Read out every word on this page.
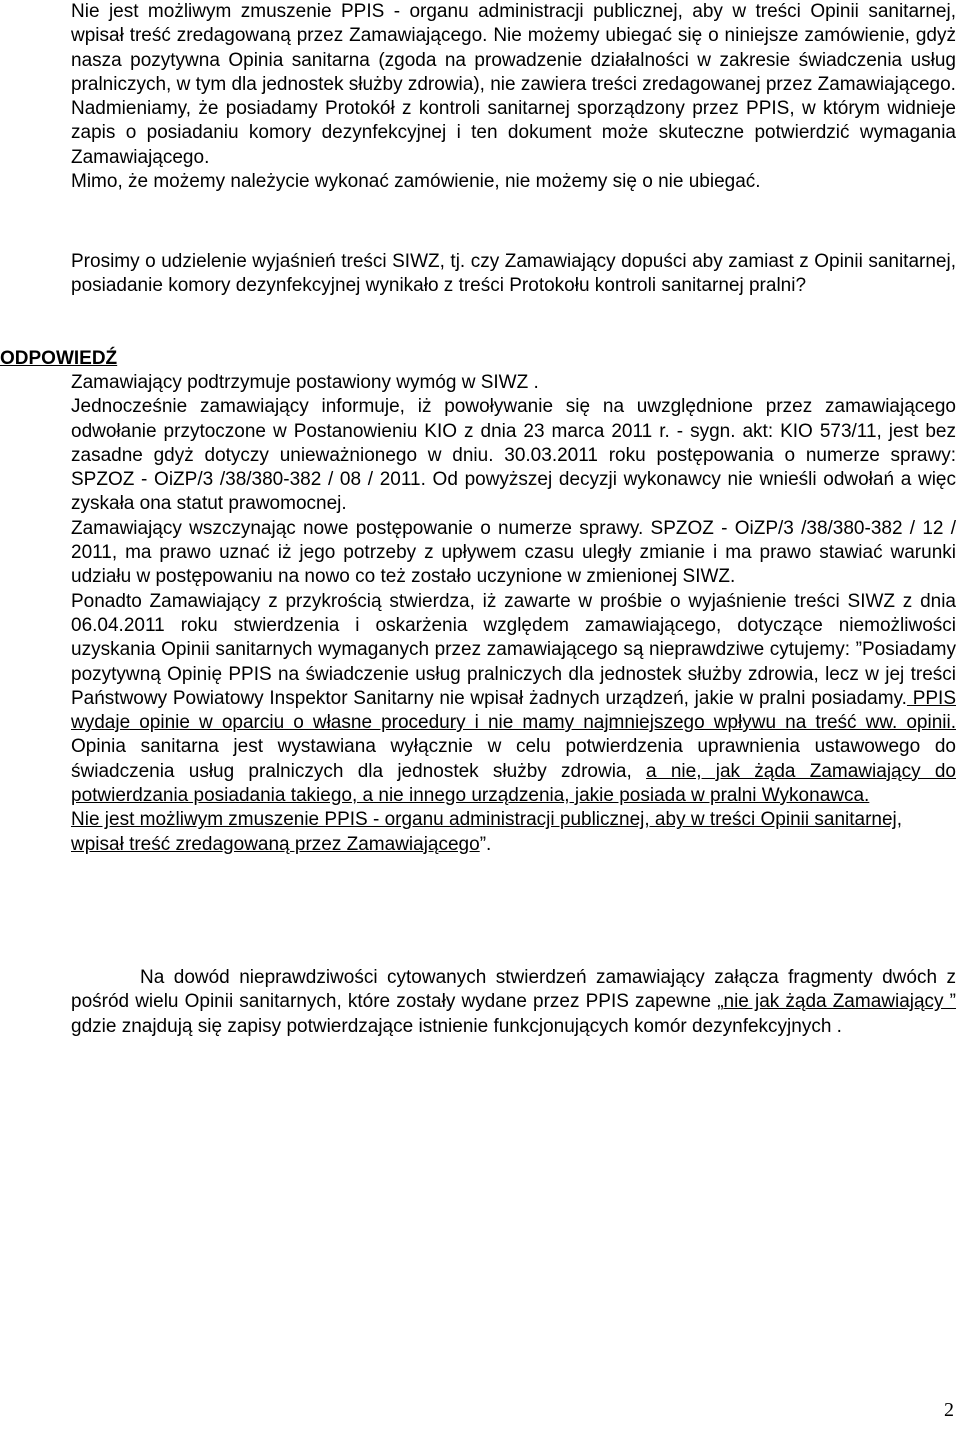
Nie jest możliwym zmuszenie PPIS - organu administracji publicznej, aby w treści Opinii sanitarnej, wpisał treść zredagowaną przez Zamawiającego. Nie możemy ubiegać się o niniejsze zamówienie, gdyż nasza pozytywna Opinia sanitarna (zgoda na prowadzenie działalności w zakresie świadczenia usług pralniczych, w tym dla jednostek służby zdrowia), nie zawiera treści zredagowanej przez Zamawiającego.

Nadmieniamy, że posiadamy Protokół z kontroli sanitarnej sporządzony przez PPIS, w którym widnieje zapis o posiadaniu komory dezynfekcyjnej i ten dokument może skuteczne potwierdzić wymagania Zamawiającego.

Mimo, że możemy należycie wykonać zamówienie, nie możemy się o nie ubiegać.

Prosimy o udzielenie wyjaśnień treści SIWZ, tj. czy Zamawiający dopuści aby zamiast z Opinii sanitarnej, posiadanie komory dezynfekcyjnej wynikało z treści Protokołu kontroli sanitarnej pralni?

ODPOWIEDŹ

Zamawiający podtrzymuje postawiony wymóg w SIWZ .

Jednocześnie zamawiający informuje, iż powoływanie się na uwzględnione przez zamawiającego odwołanie przytoczone w Postanowieniu KIO z dnia 23 marca 2011 r. - sygn. akt: KIO 573/11, jest bez zasadne gdyż dotyczy unieważnionego w dniu. 30.03.2011 roku postępowania o numerze sprawy: SPZOZ - OiZP/3 /38/380-382 / 08 / 2011. Od powyższej decyzji wykonawcy nie wnieśli odwołań a więc zyskała ona statut prawomocnej.

Zamawiający wszczynając nowe postępowanie o numerze sprawy. SPZOZ - OiZP/3 /38/380-382 / 12 / 2011, ma prawo uznać iż jego potrzeby z upływem czasu uległy zmianie i ma prawo stawiać warunki udziału w postępowaniu na nowo co też zostało uczynione w zmienionej SIWZ.

Ponadto Zamawiający z przykrością stwierdza, iż zawarte w prośbie o wyjaśnienie treści SIWZ z dnia 06.04.2011 roku stwierdzenia i oskarżenia względem zamawiającego, dotyczące niemożliwości uzyskania Opinii sanitarnych wymaganych przez zamawiającego są nieprawdziwe cytujemy: ”Posiadamy pozytywną Opinię PPIS na świadczenie usług pralniczych dla jednostek służby zdrowia, lecz w jej treści Państwowy Powiatowy Inspektor Sanitarny nie wpisał żadnych urządzeń, jakie w pralni posiadamy. PPIS wydaje opinie w oparciu o własne procedury i nie mamy najmniejszego wpływu na treść ww. opinii. Opinia sanitarna jest wystawiana wyłącznie w celu potwierdzenia uprawnienia ustawowego do świadczenia usług pralniczych dla jednostek służby zdrowia, a nie, jak żąda Zamawiający do potwierdzania posiadania takiego, a nie innego urządzenia, jakie posiada w pralni Wykonawca.

Nie jest możliwym zmuszenie PPIS - organu administracji publicznej, aby w treści Opinii sanitarnej, wpisał treść zredagowaną przez Zamawiającego”.

Na dowód nieprawdziwości cytowanych stwierdzeń zamawiający załącza fragmenty dwóch z pośród wielu Opinii sanitarnych, które zostały wydane przez PPIS zapewne „nie jak żąda Zamawiający ” gdzie znajdują się zapisy potwierdzające istnienie funkcjonujących komór dezynfekcyjnych .

2
